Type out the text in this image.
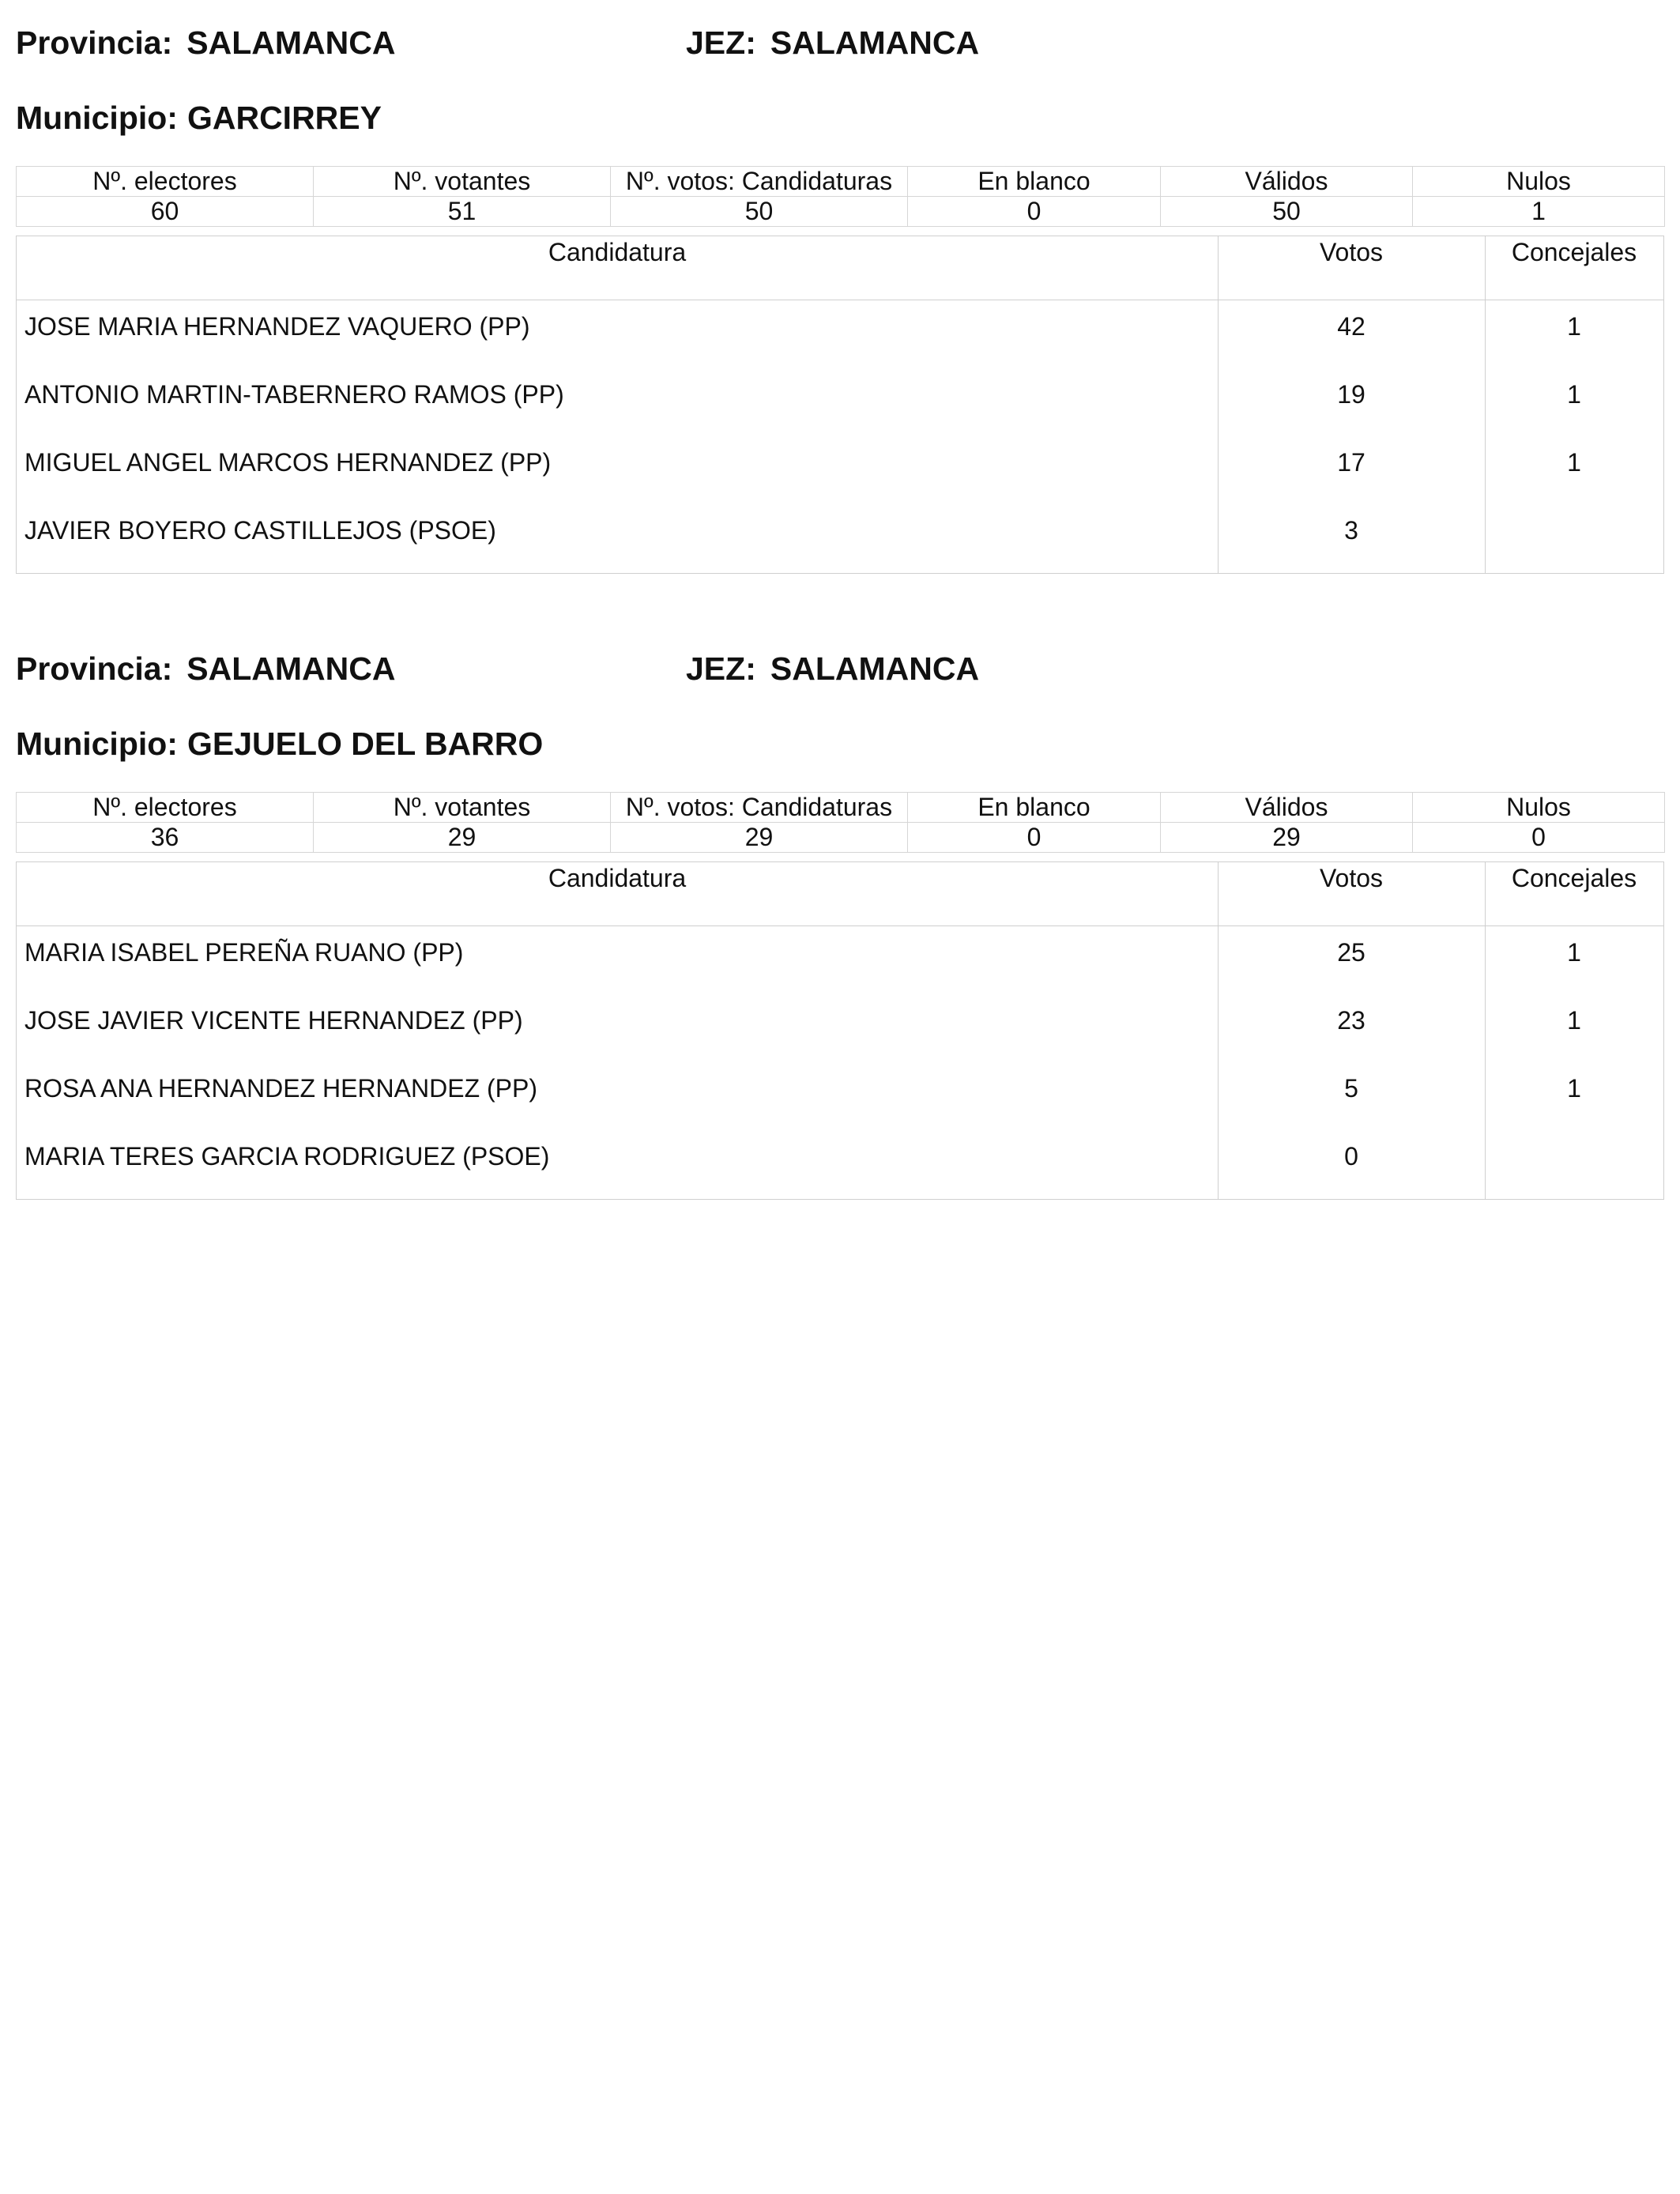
Provincia: SALAMANCA	JEZ: SALAMANCA
Municipio: GARCIRREY
Nº. electores	Nº. votantes	Nº. votos: Candidaturas	En blanco	Válidos	Nulos
60	51	50	0	50	1
Candidatura	Votos	Concejales
JOSE MARIA HERNANDEZ VAQUERO (PP)	42	1
ANTONIO MARTIN-TABERNERO RAMOS (PP)	19	1
MIGUEL ANGEL MARCOS HERNANDEZ (PP)	17	1
JAVIER BOYERO CASTILLEJOS (PSOE)	3
Provincia: SALAMANCA	JEZ: SALAMANCA
Municipio: GEJUELO DEL BARRO
Nº. electores	Nº. votantes	Nº. votos: Candidaturas	En blanco	Válidos	Nulos
36	29	29	0	29	0
Candidatura	Votos	Concejales
MARIA ISABEL PEREÑA RUANO (PP)	25	1
JOSE JAVIER VICENTE HERNANDEZ (PP)	23	1
ROSA ANA HERNANDEZ HERNANDEZ (PP)	5	1
MARIA TERES GARCIA RODRIGUEZ (PSOE)	0
